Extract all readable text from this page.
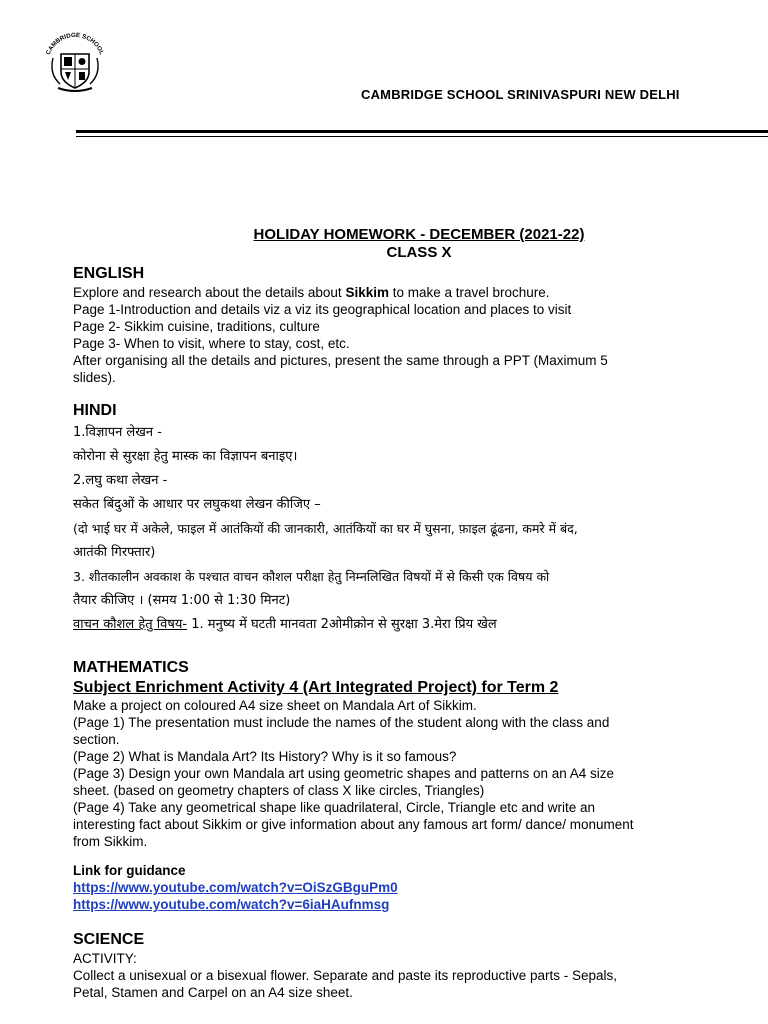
CAMBRIDGE SCHOOL
CAMBRIDGE SCHOOL SRINIVASPURI NEW DELHI
HOLIDAY HOMEWORK - DECEMBER (2021-22)
CLASS X

ENGLISH

Explore and research about the details about Sikkim to make a travel brochure.

Page 1-Introduction and details viz a viz its geographical location and places to visit

Page 2- Sikkim cuisine, traditions, culture

Page 3- When to visit, where to stay, cost, etc.

After organising all the details and pictures, present the same through a PPT (Maximum 5

slides).

HINDI

1.विज्ञापन लेखन -

कोरोना से सुरक्षा हेतु मास्क का विज्ञापन बनाइए।

2.लघु कथा लेखन -

सकेत बिंदुओं के आधार पर लघुकथा लेखन कीजिए –

(दो भाई घर में अकेले, फाइल में आतंकियों की जानकारी, आतंकियों का घर में घुसना, फ़ाइल ढूंढना, कमरे में बंद,

आतंकी गिरफ्तार)

3. शीतकालीन अवकाश के पश्चात वाचन कौशल परीक्षा हेतु निम्नलिखित विषयों में से किसी एक विषय को

तैयार कीजिए । (समय 1:00 से 1:30 मिनट)

वाचन कौशल हेतु विषय- 1. मनुष्य में घटती मानवता 2ओमीक्रोन से सुरक्षा 3.मेरा प्रिय खेल

MATHEMATICS

Subject Enrichment Activity 4 (Art Integrated Project) for Term 2

Make a project on coloured A4 size sheet on Mandala Art of Sikkim.

(Page 1) The presentation must include the names of the student along with the class and

section.

(Page 2) What is Mandala Art? Its History? Why is it so famous?

(Page 3) Design your own Mandala art using geometric shapes and patterns on an A4 size

sheet. (based on geometry chapters of class X like circles, Triangles)

(Page 4) Take any geometrical shape like quadrilateral, Circle, Triangle etc and write an

interesting fact about Sikkim or give information about any famous art form/ dance/ monument

from Sikkim.

Link for guidance

https://www.youtube.com/watch?v=OiSzGBguPm0

https://www.youtube.com/watch?v=6iaHAufnmsg

SCIENCE

ACTIVITY:

Collect a unisexual or a bisexual flower. Separate and paste its reproductive parts - Sepals,

Petal, Stamen and Carpel on an A4 size sheet.
